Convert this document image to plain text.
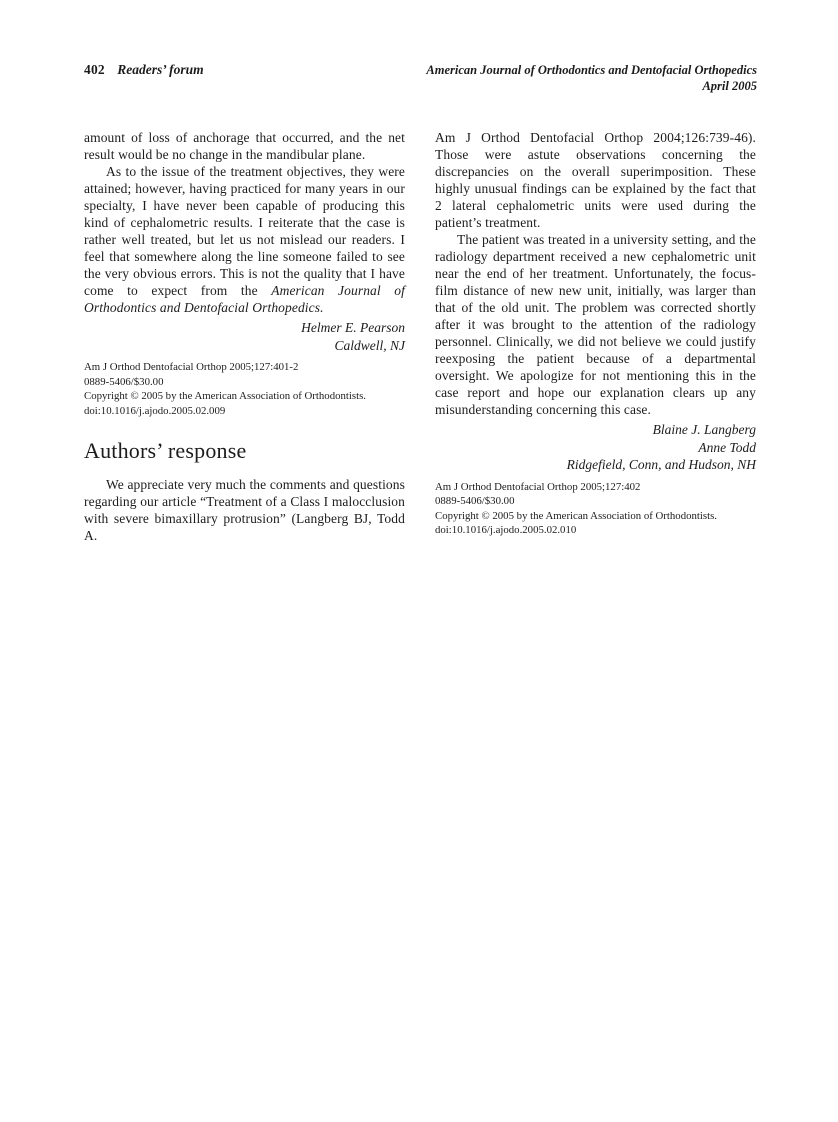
402 Readers’ forum	American Journal of Orthodontics and Dentofacial Orthopedics
April 2005

amount of loss of anchorage that occurred, and the net result would be no change in the mandibular plane.

As to the issue of the treatment objectives, they were attained; however, having practiced for many years in our specialty, I have never been capable of producing this kind of cephalometric results. I reiterate that the case is rather well treated, but let us not mislead our readers. I feel that somewhere along the line someone failed to see the very obvious errors. This is not the quality that I have come to expect from the American Journal of Orthodontics and Dentofacial Orthopedics.

Helmer E. Pearson
Caldwell, NJ
Am J Orthod Dentofacial Orthop 2005;127:401-2
0889-5406/$30.00
Copyright © 2005 by the American Association of Orthodontists.
doi:10.1016/j.ajodo.2005.02.009
Authors’ response

We appreciate very much the comments and questions regarding our article “Treatment of a Class I malocclusion with severe bimaxillary protrusion” (Langberg BJ, Todd A.

Am J Orthod Dentofacial Orthop 2004;126:739-46). Those were astute observations concerning the discrepancies on the overall superimposition. These highly unusual findings can be explained by the fact that 2 lateral cephalometric units were used during the patient’s treatment.

The patient was treated in a university setting, and the radiology department received a new cephalometric unit near the end of her treatment. Unfortunately, the focus-film distance of new new unit, initially, was larger than that of the old unit. The problem was corrected shortly after it was brought to the attention of the radiology personnel. Clinically, we did not believe we could justify reexposing the patient because of a departmental oversight. We apologize for not mentioning this in the case report and hope our explanation clears up any misunderstanding concerning this case.

Blaine J. Langberg
Anne Todd
Ridgefield, Conn, and Hudson, NH
Am J Orthod Dentofacial Orthop 2005;127:402
0889-5406/$30.00
Copyright © 2005 by the American Association of Orthodontists.
doi:10.1016/j.ajodo.2005.02.010
